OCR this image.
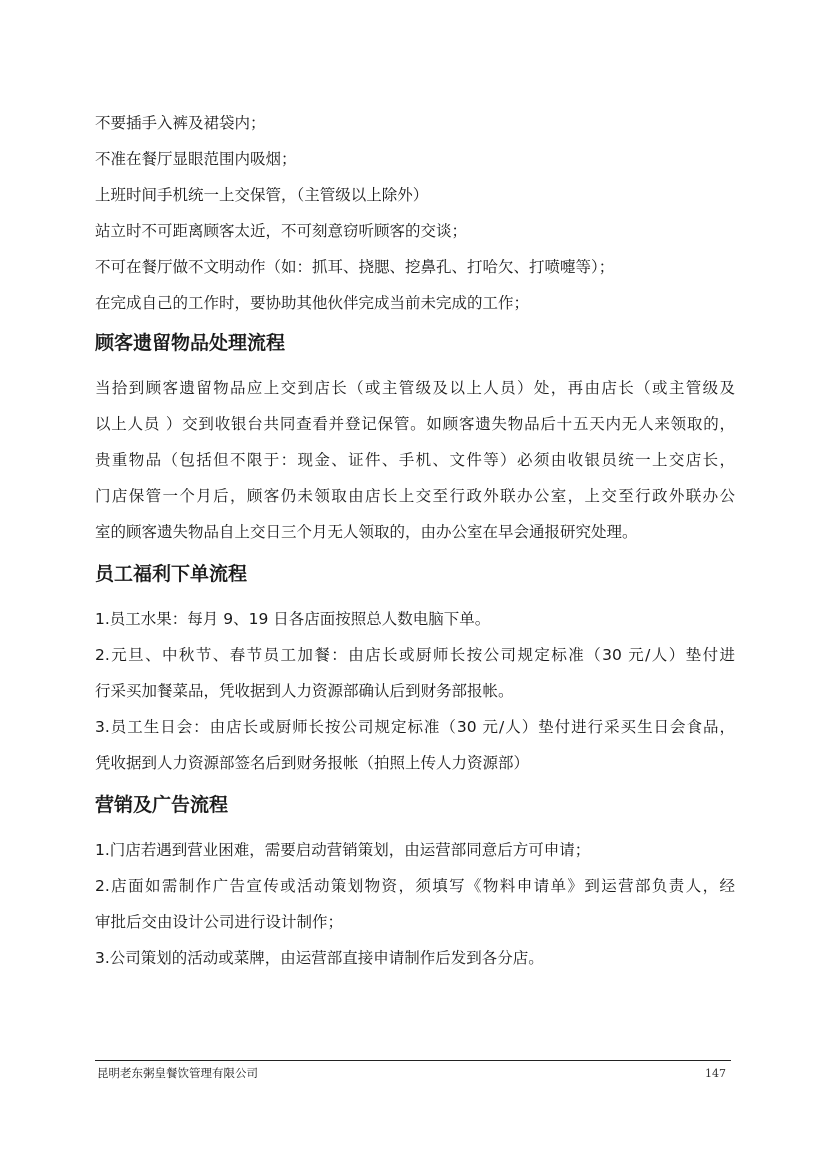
不要插手入裤及裙袋内；

不准在餐厅显眼范围内吸烟；

上班时间手机统一上交保管，（主管级以上除外）

站立时不可距离顾客太近，不可刻意窃听顾客的交谈；

不可在餐厅做不文明动作（如：抓耳、挠腮、挖鼻孔、打哈欠、打喷嚏等）；

在完成自己的工作时，要协助其他伙伴完成当前未完成的工作；

顾客遗留物品处理流程

当拾到顾客遗留物品应上交到店长（或主管级及以上人员）处，再由店长（或主管级及

以上人员 ）交到收银台共同查看并登记保管。如顾客遗失物品后十五天内无人来领取的，

贵重物品（包括但不限于：现金、证件、手机、文件等）必须由收银员统一上交店长，

门店保管一个月后，顾客仍未领取由店长上交至行政外联办公室，上交至行政外联办公

室的顾客遗失物品自上交日三个月无人领取的，由办公室在早会通报研究处理。

员工福利下单流程

1.员工水果：每月 9、19 日各店面按照总人数电脑下单。

2.元旦、中秋节、春节员工加餐：由店长或厨师长按公司规定标准（30 元/人）垫付进

行采买加餐菜品，凭收据到人力资源部确认后到财务部报帐。

3.员工生日会：由店长或厨师长按公司规定标准（30 元/人）垫付进行采买生日会食品，

凭收据到人力资源部签名后到财务报帐（拍照上传人力资源部）

营销及广告流程

1.门店若遇到营业困难，需要启动营销策划，由运营部同意后方可申请；

2.店面如需制作广告宣传或活动策划物资，须填写《物料申请单》到运营部负责人，经

审批后交由设计公司进行设计制作；

3.公司策划的活动或菜牌，由运营部直接申请制作后发到各分店。

昆明老东粥皇餐饮管理有限公司	147
